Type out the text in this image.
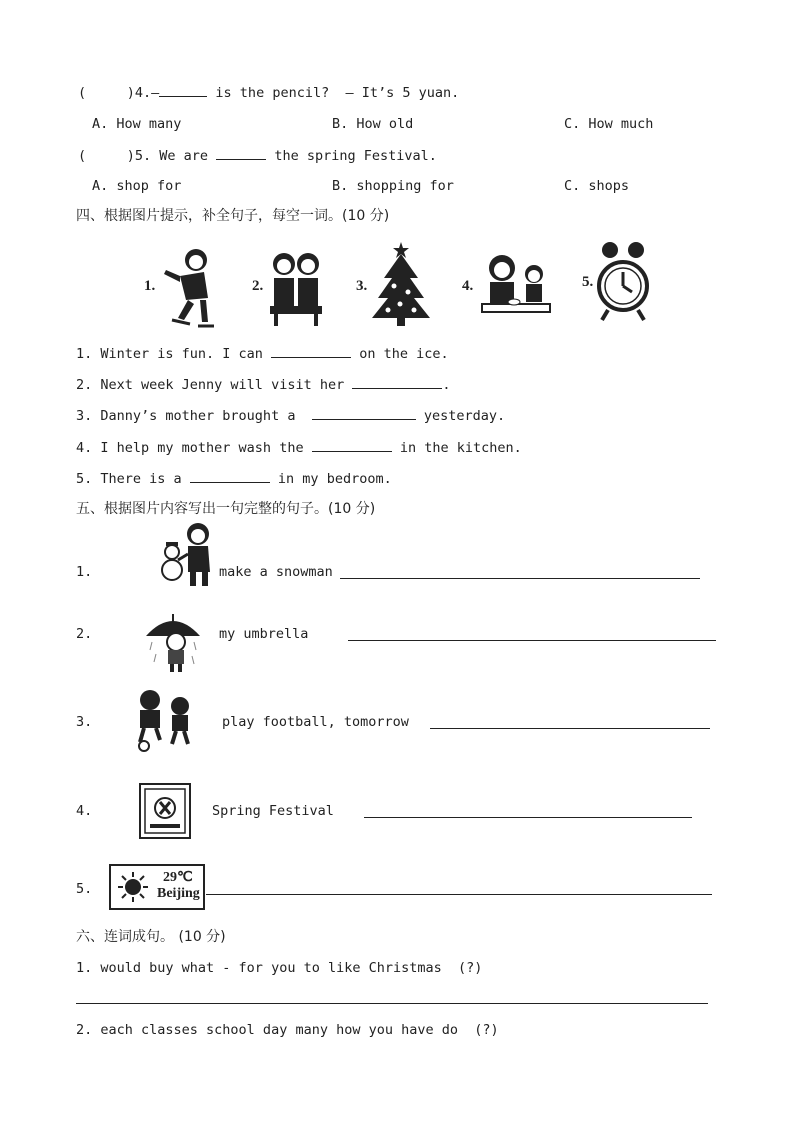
(     )4.—	is the pencil?  — It’s 5 yuan.
A. How many	B. How old	C. How much
(     )5. We are	the spring Festival.
A. shop for	B. shopping for	C. shops
四、根据图片提示，补全句子，每空一词。(10 分)
1.	2.	3.	4.	5.
1. Winter is fun. I can	on the ice.
2. Next week Jenny will visit her	.
3. Danny’s mother brought a	yesterday.
4. I help my mother wash the	in the kitchen.
5. There is a	in my bedroom.
五、根据图片内容写出一句完整的句子。(10 分)
1.	make a snowman
2.	my umbrella
3.	play football, tomorrow
4.	Spring Festival
5.
29℃
Beijing
六、连词成句。 (10 分)
1. would buy what - for you to like Christmas  (?)
2. each classes school day many how you have do  (?)
